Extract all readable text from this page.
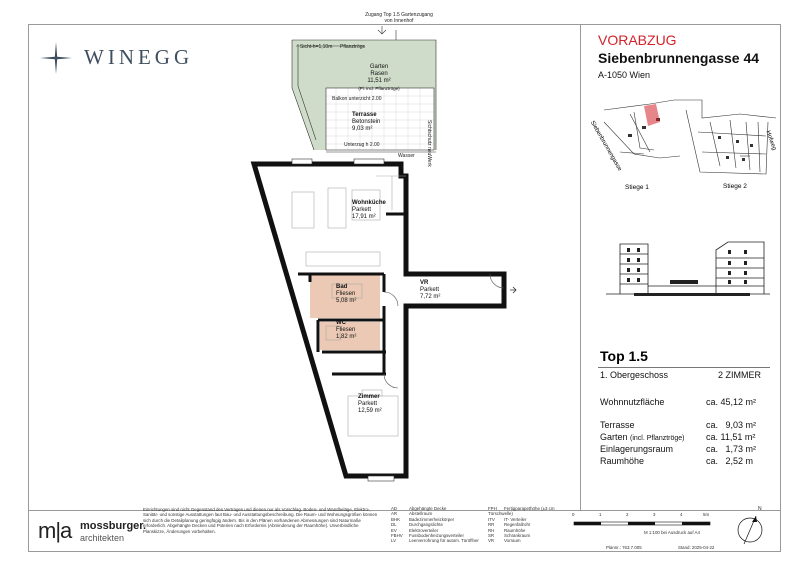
WINEGG
VORABZUG
Siebenbrunnengasse 44
A-1050 Wien
Siebenbrunnengasse	Hofweg
Stiege 1	Stiege 2
Top 1.5
1. Obergeschoss	2 ZIMMER
Wohnnutzfläche	ca. 45,12 m²
Terrasse	ca.   9,03 m²
Garten (incl. Pflanztröge) ca. 11,51 m²
Einlagerungsraum	ca.   1,73 m²
Raumhöhe	ca.   2,52 m
Zugang Top 1.5 Gartenzugang von Innenhof
Pflanztröge
Sicht-h=1,10m
Garten
Rasen
11,51 m²
(Fl. incl. Pflanztröge)
Balkon unterzicht 2.00
Terrasse
Betonstein
9,03 m²	Sichtschutz neuWerk
Unterzug h 2.00
Wasser
Wohnküche
Parkett
17,91 m²
Bad
Fliesen
5,08 m²
WC
Fliesen
1,82 m²
VR
Parkett
7,72 m²
Zimmer
Parkett
12,59 m²
Einrichtungen sind nicht Gegenstand des Vertrages und dienen nur als Vorschlag. Boden- und Wandbeläge, Elektro-, Sanitär- und sonstige Ausstattungen laut Bau- und Ausstattungsbeschreibung. Die Raum- und Wohnungsgrößen können sich durch die Detailplanung geringfügig ändern. Bis in den Plänen vorhandenen Abmessungen sind Naturmaße erforderlich. Abgehängte Decken und Poterien nach Erfordernis (Abminderung der Raumhöhe). Unverbindliche Planskizze, Änderungen vorbehalten.
m|a mossburger.
architekten
AD	Abgehängte Decke
AR	Abstellraum
BHK Badezimmerheizkörper
DL	Durchgangslichte
EV	Elektroverteiler
FBHV Fussbodenheizungsverteiler
LV	Leerverrohrung für autom. Türöffner
FPH Fertigparapethöhe (±3 cm Türschwelle)
ITV IT- Verteiler
RR Regenfallrohr
RH Raumhöhe
SR Schrankraum
VR Vorraum
0	1	2	3	4	5m
M 1:100 bei Ausdruck auf A4
Plannr.: 763.7.005	Stand: 2025-04-22
N
